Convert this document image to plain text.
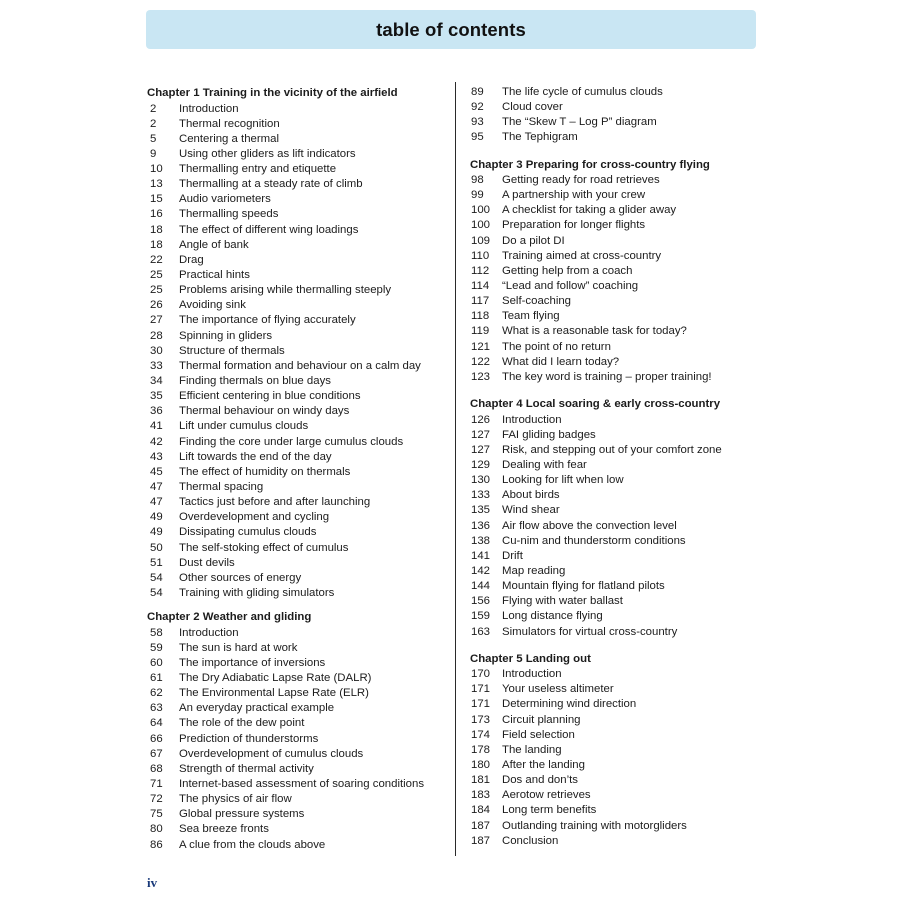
table of contents
Chapter 1 Training in the vicinity of the airfield
2	Introduction
2	Thermal recognition
5	Centering a thermal
9	Using other gliders as lift indicators
10	Thermalling entry and etiquette
13	Thermalling at a steady rate of climb
15	Audio variometers
16	Thermalling speeds
18	The effect of different wing loadings
18	Angle of bank
22	Drag
25	Practical hints
25	Problems arising while thermalling steeply
26	Avoiding sink
27	The importance of flying accurately
28	Spinning in gliders
30	Structure of thermals
33	Thermal formation and behaviour on a calm day
34	Finding thermals on blue days
35	Efficient centering in blue conditions
36	Thermal behaviour on windy days
41	Lift under cumulus clouds
42	Finding the core under large cumulus clouds
43	Lift towards the end of the day
45	The effect of humidity on thermals
47	Thermal spacing
47	Tactics just before and after launching
49	Overdevelopment and cycling
49	Dissipating cumulus clouds
50	The self-stoking effect of cumulus
51	Dust devils
54	Other sources of energy
54	Training with gliding simulators
Chapter 2 Weather and gliding
58	Introduction
59	The sun is hard at work
60	The importance of inversions
61	The Dry Adiabatic Lapse Rate (DALR)
62	The Environmental Lapse Rate (ELR)
63	An everyday practical example
64	The role of the dew point
66	Prediction of thunderstorms
67	Overdevelopment of cumulus clouds
68	Strength of thermal activity
71	Internet-based assessment of soaring conditions
72	The physics of air flow
75	Global pressure systems
80	Sea breeze fronts
86	A clue from the clouds above
89	The life cycle of cumulus clouds
92	Cloud cover
93	The “Skew T – Log P” diagram
95	The Tephigram
Chapter 3 Preparing for cross-country flying
98	Getting ready for road retrieves
99	A partnership with your crew
100	A checklist for taking a glider away
100	Preparation for longer flights
109	Do a pilot DI
110	Training aimed at cross-country
112	Getting help from a coach
114	“Lead and follow” coaching
117	Self-coaching
118	Team flying
119	What is a reasonable task for today?
121	The point of no return
122	What did I learn today?
123	The key word is training – proper training!
Chapter 4 Local soaring & early cross-country
126	Introduction
127	FAI gliding badges
127	Risk, and stepping out of your comfort zone
129	Dealing with fear
130	Looking for lift when low
133	About birds
135	Wind shear
136	Air flow above the convection level
138	Cu-nim and thunderstorm conditions
141	Drift
142	Map reading
144	Mountain flying for flatland pilots
156	Flying with water ballast
159	Long distance flying
163	Simulators for virtual cross-country
Chapter 5 Landing out
170	Introduction
171	Your useless altimeter
171	Determining wind direction
173	Circuit planning
174	Field selection
178	The landing
180	After the landing
181	Dos and don’ts
183	Aerotow retrieves
184	Long term benefits
187	Outlanding training with motorgliders
187	Conclusion
iv
